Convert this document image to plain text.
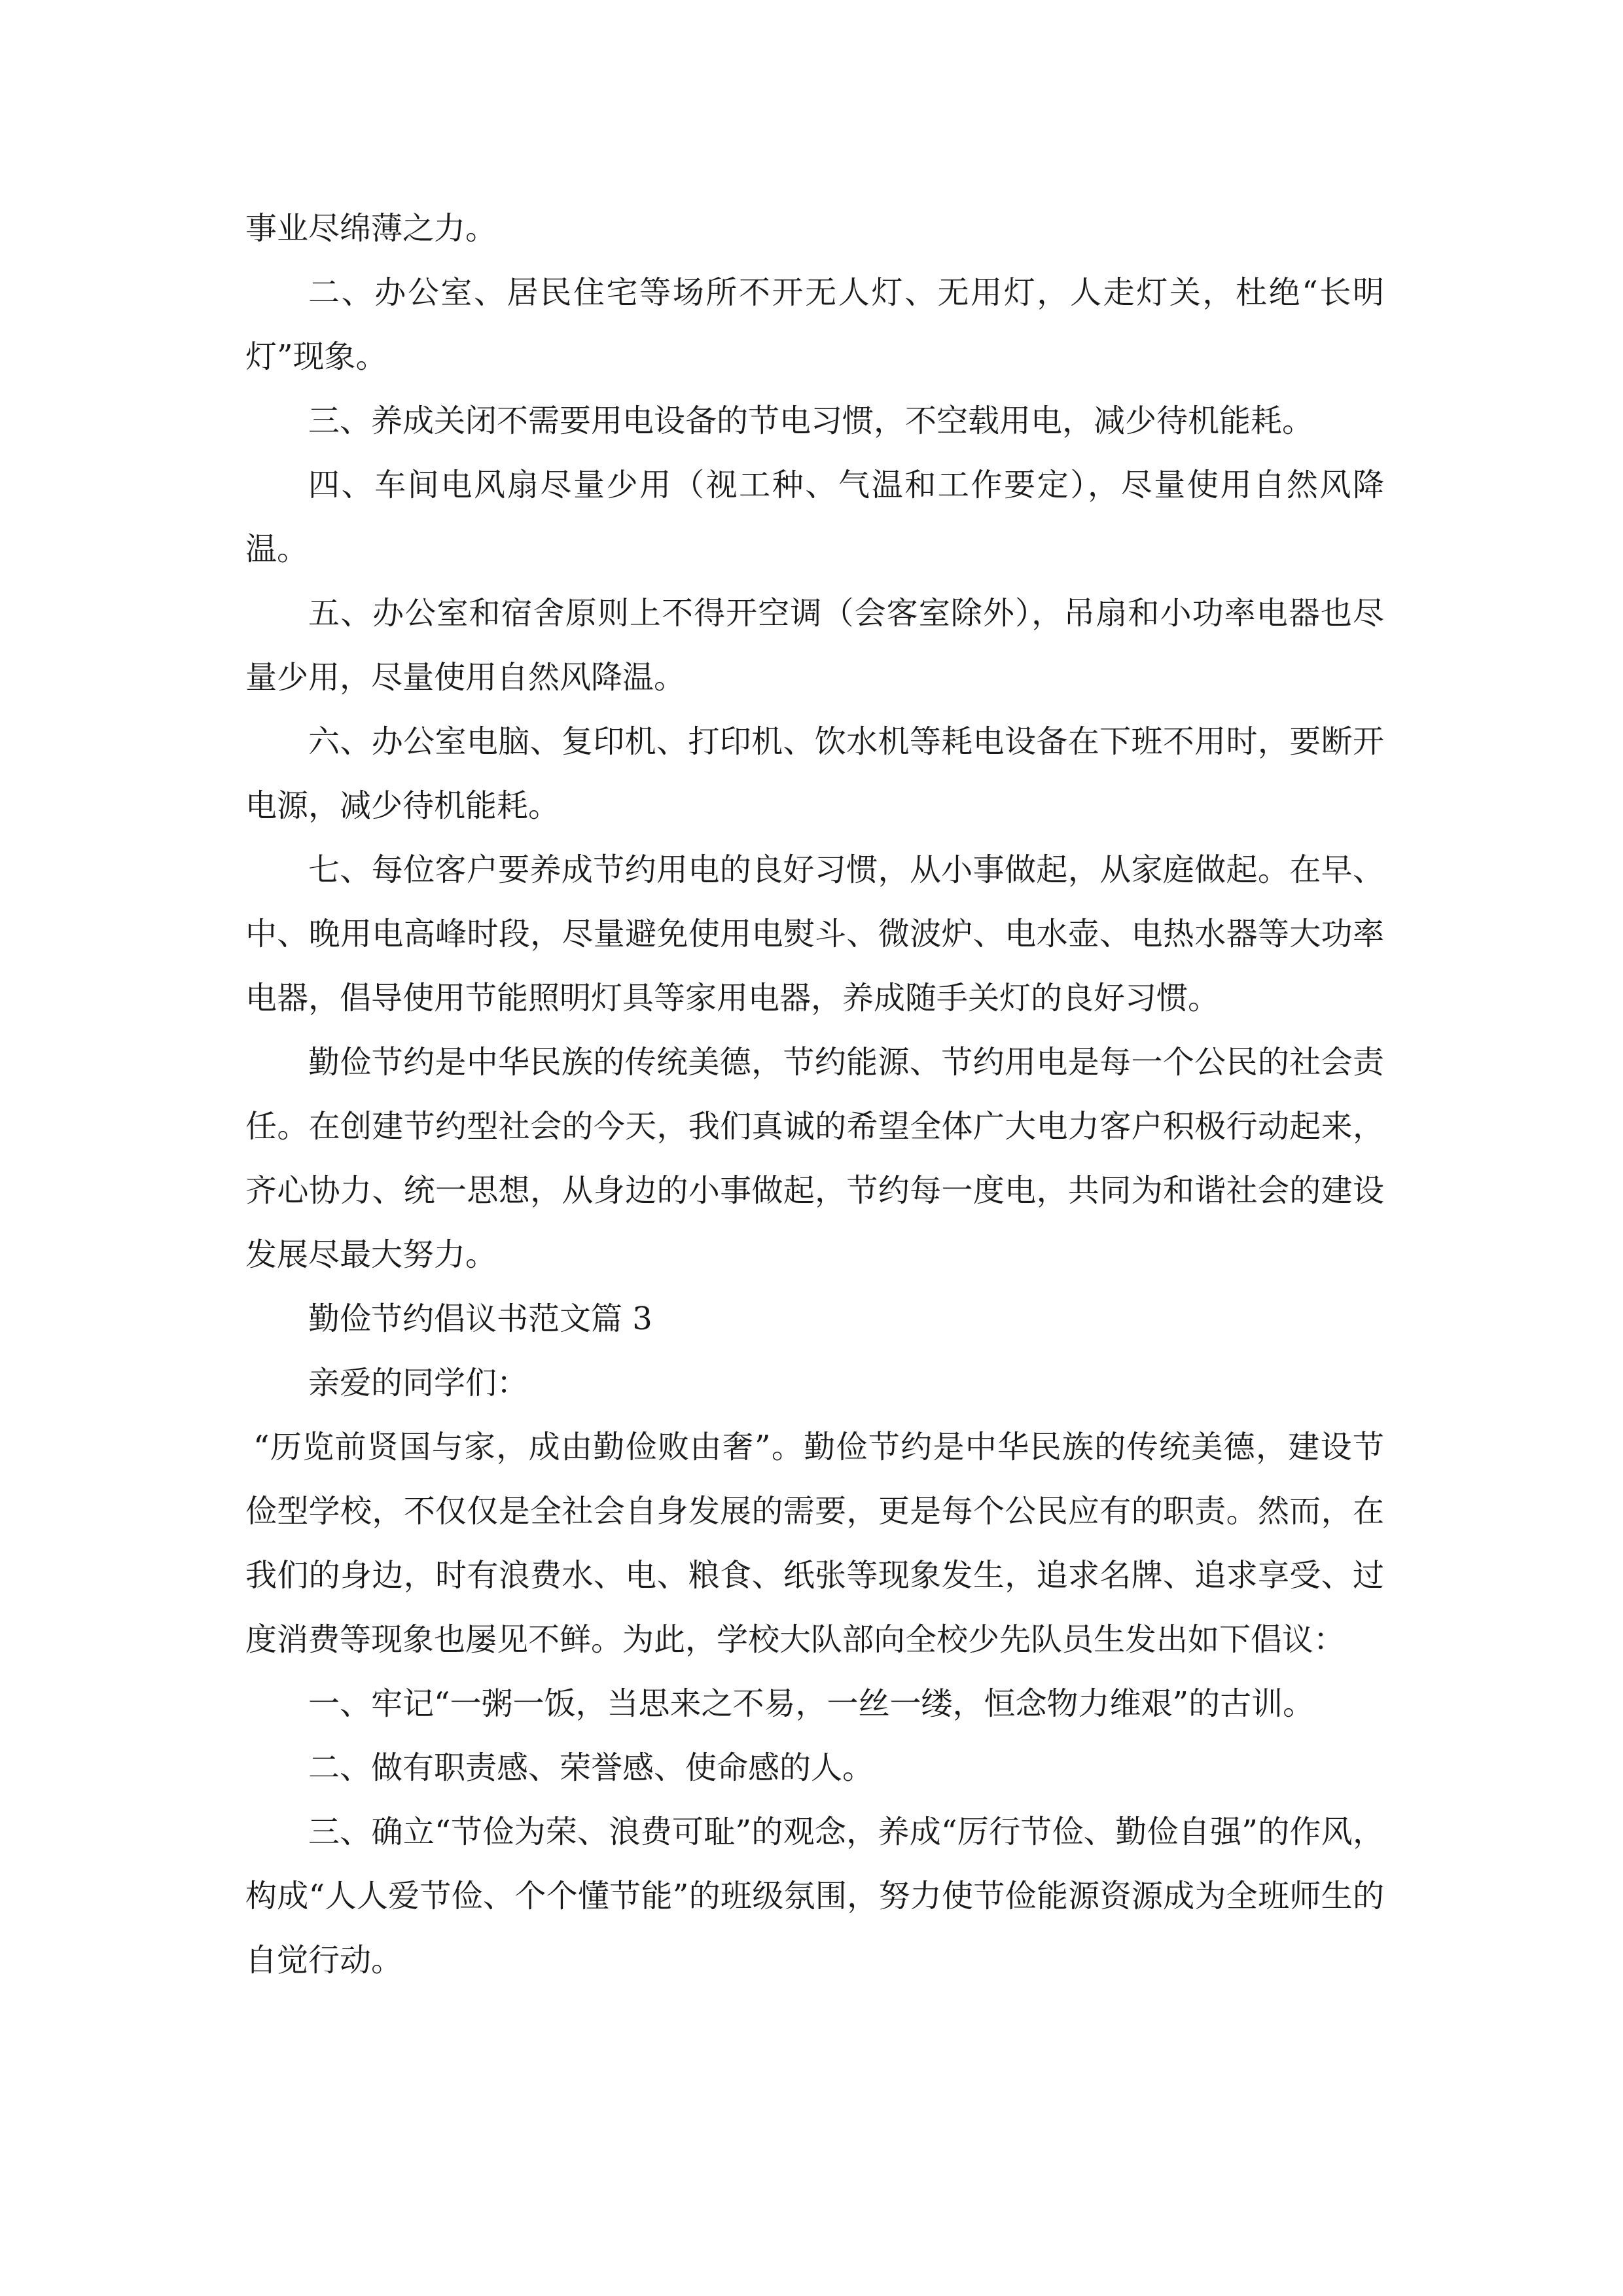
事业尽绵薄之力。

二、办公室、居民住宅等场所不开无人灯、无用灯，人走灯关，杜绝“长明灯”现象。

三、养成关闭不需要用电设备的节电习惯，不空载用电，减少待机能耗。

四、车间电风扇尽量少用（视工种、气温和工作要定），尽量使用自然风降温。

五、办公室和宿舍原则上不得开空调（会客室除外），吊扇和小功率电器也尽量少用，尽量使用自然风降温。

六、办公室电脑、复印机、打印机、饮水机等耗电设备在下班不用时，要断开电源，减少待机能耗。

七、每位客户要养成节约用电的良好习惯，从小事做起，从家庭做起。在早、中、晚用电高峰时段，尽量避免使用电熨斗、微波炉、电水壶、电热水器等大功率电器，倡导使用节能照明灯具等家用电器，养成随手关灯的良好习惯。

勤俭节约是中华民族的传统美德，节约能源、节约用电是每一个公民的社会责任。在创建节约型社会的今天，我们真诚的希望全体广大电力客户积极行动起来，齐心协力、统一思想，从身边的小事做起，节约每一度电，共同为和谐社会的建设发展尽最大努力。

勤俭节约倡议书范文篇 3

亲爱的同学们：

“历览前贤国与家，成由勤俭败由奢”。勤俭节约是中华民族的传统美德，建设节俭型学校，不仅仅是全社会自身发展的需要，更是每个公民应有的职责。然而，在我们的身边，时有浪费水、电、粮食、纸张等现象发生，追求名牌、追求享受、过度消费等现象也屡见不鲜。为此，学校大队部向全校少先队员生发出如下倡议：

一、牢记“一粥一饭，当思来之不易，一丝一缕，恒念物力维艰”的古训。

二、做有职责感、荣誉感、使命感的人。

三、确立“节俭为荣、浪费可耻”的观念，养成“厉行节俭、勤俭自强”的作风，构成“人人爱节俭、个个懂节能”的班级氛围，努力使节俭能源资源成为全班师生的自觉行动。
